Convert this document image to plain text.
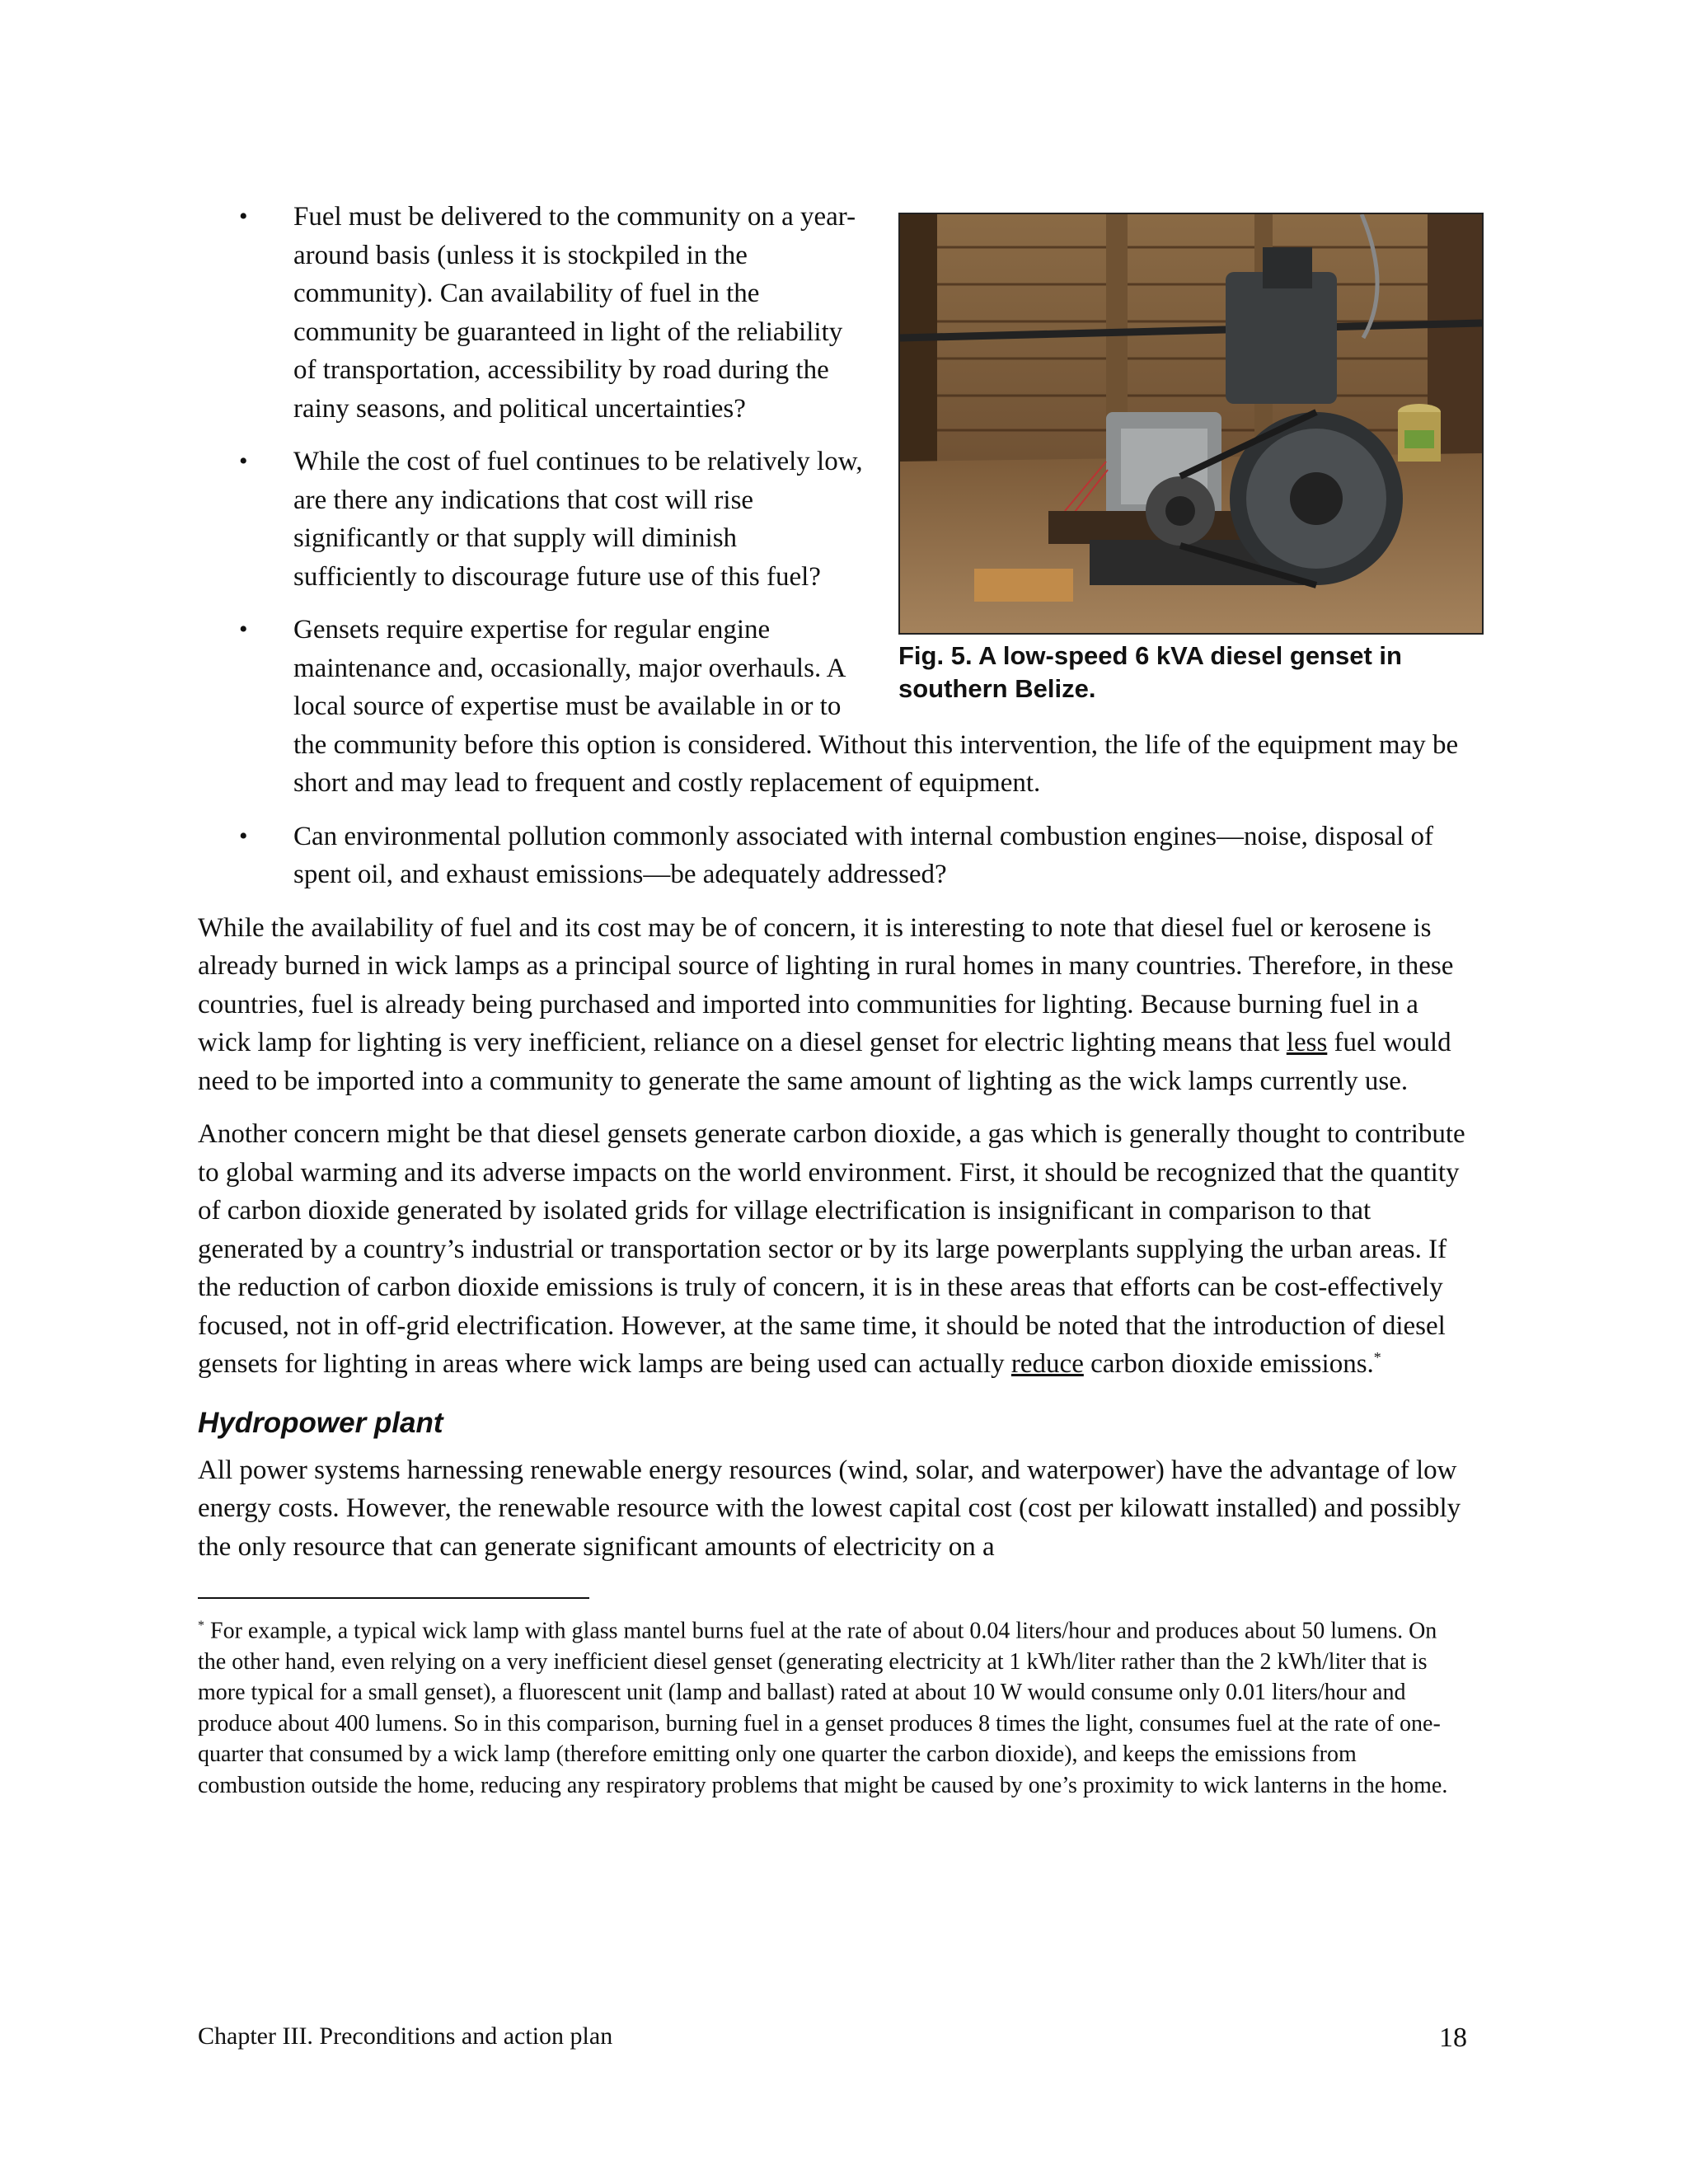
Fig. 5. A low-speed 6 kVA diesel genset in southern Belize.
• Fuel must be delivered to the community on a year-around basis (unless it is stockpiled in the community). Can availability of fuel in the community be guaranteed in light of the reliability of transportation, accessibility by road during the rainy seasons, and political uncertainties?
• While the cost of fuel continues to be relatively low, are there any indications that cost will rise significantly or that supply will diminish sufficiently to discourage future use of this fuel?
• Gensets require expertise for regular engine maintenance and, occasionally, major overhauls. A local source of expertise must be available in or to the community before this option is considered. Without this intervention, the life of the equipment may be short and may lead to frequent and costly replacement of equipment.
• Can environmental pollution commonly associated with internal combustion engines—noise, disposal of spent oil, and exhaust emissions—be adequately addressed?

While the availability of fuel and its cost may be of concern, it is interesting to note that diesel fuel or kerosene is already burned in wick lamps as a principal source of lighting in rural homes in many countries. Therefore, in these countries, fuel is already being purchased and imported into communities for lighting. Because burning fuel in a wick lamp for lighting is very inefficient, reliance on a diesel genset for electric lighting means that less fuel would need to be imported into a community to generate the same amount of lighting as the wick lamps currently use.

Another concern might be that diesel gensets generate carbon dioxide, a gas which is generally thought to contribute to global warming and its adverse impacts on the world environment. First, it should be recognized that the quantity of carbon dioxide generated by isolated grids for village electrification is insignificant in comparison to that generated by a country’s industrial or transportation sector or by its large powerplants supplying the urban areas. If the reduction of carbon dioxide emissions is truly of concern, it is in these areas that efforts can be cost-effectively focused, not in off-grid electrification. However, at the same time, it should be noted that the introduction of diesel gensets for lighting in areas where wick lamps are being used can actually reduce carbon dioxide emissions.*

Hydropower plant

All power systems harnessing renewable energy resources (wind, solar, and waterpower) have the advantage of low energy costs. However, the renewable resource with the lowest capital cost (cost per kilowatt installed) and possibly the only resource that can generate significant amounts of electricity on a

* For example, a typical wick lamp with glass mantel burns fuel at the rate of about 0.04 liters/hour and produces about 50 lumens. On the other hand, even relying on a very inefficient diesel genset (generating electricity at 1 kWh/liter rather than the 2 kWh/liter that is more typical for a small genset), a fluorescent unit (lamp and ballast) rated at about 10 W would consume only 0.01 liters/hour and produce about 400 lumens. So in this comparison, burning fuel in a genset produces 8 times the light, consumes fuel at the rate of one-quarter that consumed by a wick lamp (therefore emitting only one quarter the carbon dioxide), and keeps the emissions from combustion outside the home, reducing any respiratory problems that might be caused by one’s proximity to wick lanterns in the home.
Chapter III. Preconditions and action plan	18
